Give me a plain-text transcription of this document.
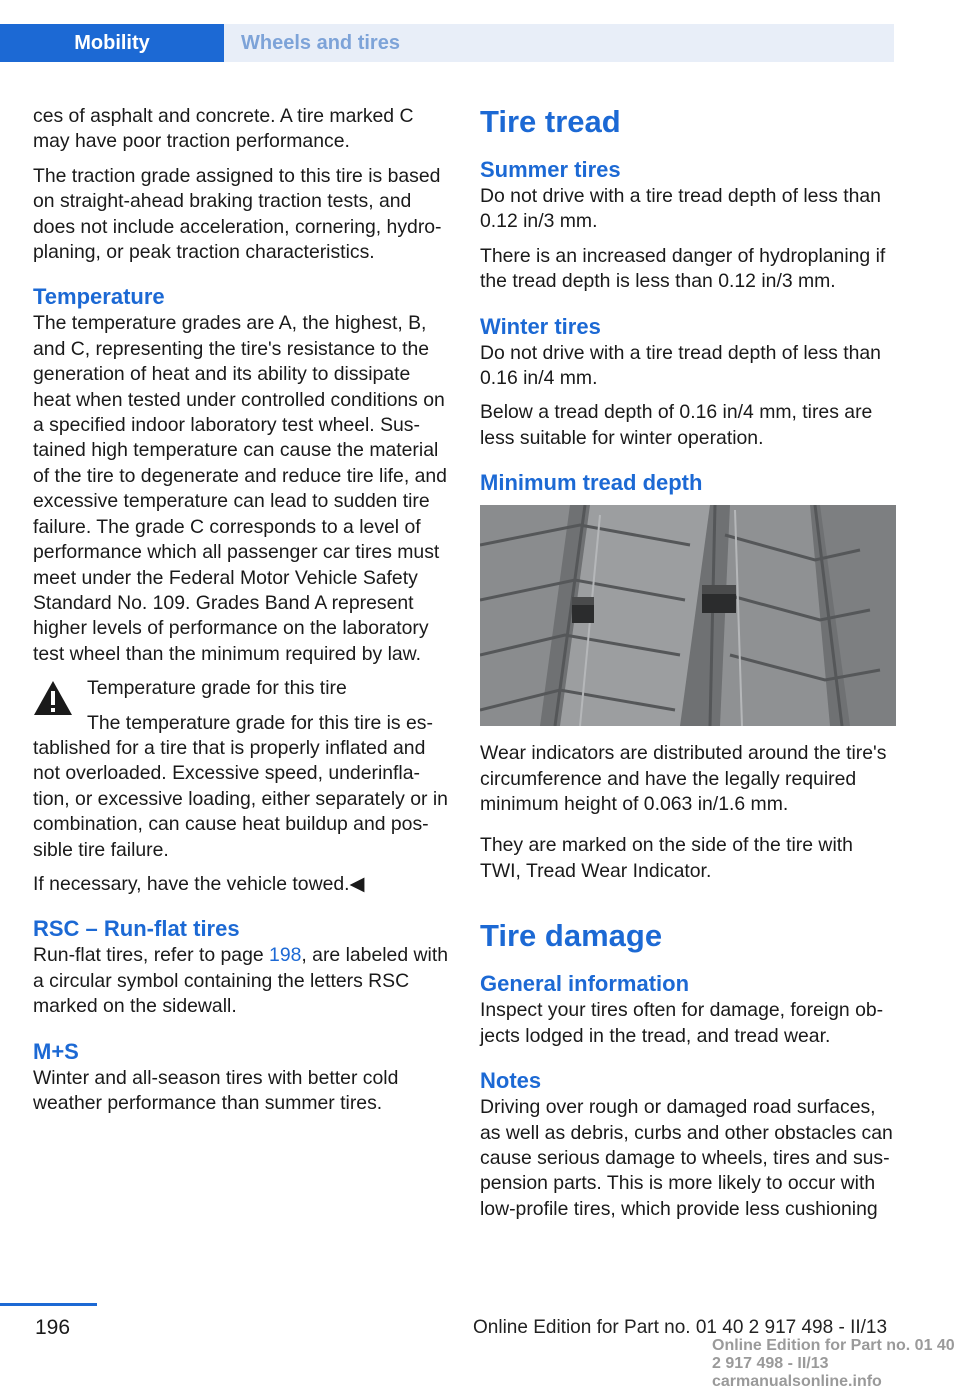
Mobility	Wheels and tires

ces of asphalt and concrete. A tire marked C may have poor traction performance.

The traction grade assigned to this tire is based on straight-ahead braking traction tests, and does not include acceleration, cornering, hydro‐planing, or peak traction characteristics.

Temperature

The temperature grades are A, the highest, B, and C, representing the tire's resistance to the generation of heat and its ability to dissipate heat when tested under controlled conditions on a specified indoor laboratory test wheel. Sus‐tained high temperature can cause the material of the tire to degenerate and reduce tire life, and excessive temperature can lead to sudden tire failure. The grade C corresponds to a level of performance which all passenger car tires must meet under the Federal Motor Vehicle Safety Standard No. 109. Grades Band A represent higher levels of performance on the laboratory test wheel than the minimum required by law.

Temperature grade for this tire

The temperature grade for this tire is es‐

tablished for a tire that is properly inflated and not overloaded. Excessive speed, underinfla‐tion, or excessive loading, either separately or in combination, can cause heat buildup and pos‐sible tire failure.

If necessary, have the vehicle towed.◀

RSC – Run-flat tires

Run-flat tires, refer to page 198, are labeled with a circular symbol containing the letters RSC marked on the sidewall.

M+S

Winter and all-season tires with better cold weather performance than summer tires.

Tire tread
Summer tires

Do not drive with a tire tread depth of less than 0.12 in/3 mm.

There is an increased danger of hydroplaning if the tread depth is less than 0.12 in/3 mm.

Winter tires

Do not drive with a tire tread depth of less than 0.16 in/4 mm.

Below a tread depth of 0.16 in/4 mm, tires are less suitable for winter operation.

Minimum tread depth

Wear indicators are distributed around the tire's circumference and have the legally required minimum height of 0.063 in/1.6 mm.

They are marked on the side of the tire with TWI, Tread Wear Indicator.

Tire damage
General information

Inspect your tires often for damage, foreign ob‐jects lodged in the tread, and tread wear.

Notes

Driving over rough or damaged road surfaces, as well as debris, curbs and other obstacles can cause serious damage to wheels, tires and sus‐pension parts. This is more likely to occur with low-profile tires, which provide less cushioning

196	Online Edition for Part no. 01 40 2 917 498 - II/13
Online Edition for Part no. 01 40 2 917 498 - II/13 carmanualsonline.info
